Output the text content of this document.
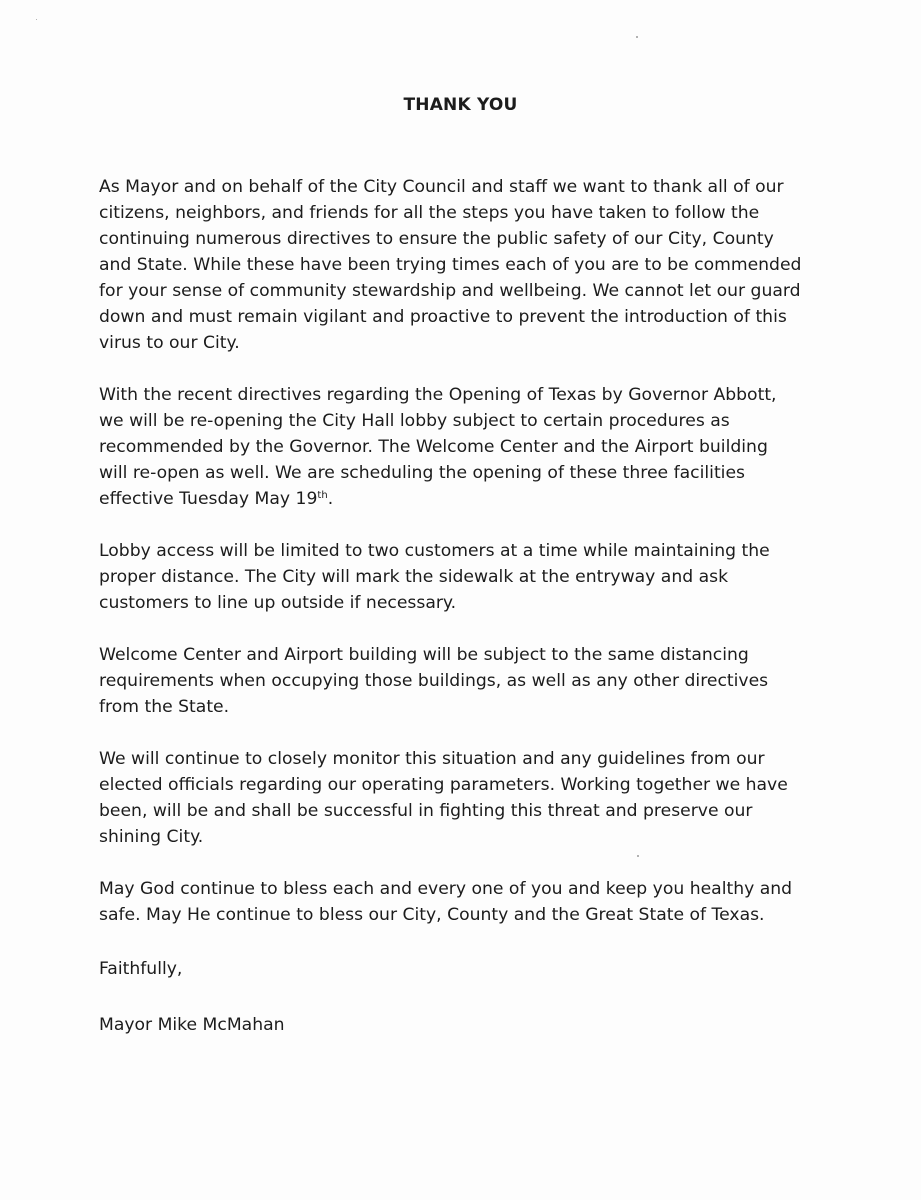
THANK YOU

As Mayor and on behalf of the City Council and staff we want to thank all of our
citizens, neighbors, and friends for all the steps you have taken to follow the
continuing numerous directives to ensure the public safety of our City, County
and State. While these have been trying times each of you are to be commended
for your sense of community stewardship and wellbeing. We cannot let our guard
down and must remain vigilant and proactive to prevent the introduction of this
virus to our City.

With the recent directives regarding the Opening of Texas by Governor Abbott,
we will be re-opening the City Hall lobby subject to certain procedures as
recommended by the Governor. The Welcome Center and the Airport building
will re-open as well. We are scheduling the opening of these three facilities
effective Tuesday May 19th.

Lobby access will be limited to two customers at a time while maintaining the
proper distance. The City will mark the sidewalk at the entryway and ask
customers to line up outside if necessary.

Welcome Center and Airport building will be subject to the same distancing
requirements when occupying those buildings, as well as any other directives
from the State.

We will continue to closely monitor this situation and any guidelines from our
elected officials regarding our operating parameters. Working together we have
been, will be and shall be successful in fighting this threat and preserve our
shining City.

May God continue to bless each and every one of you and keep you healthy and
safe. May He continue to bless our City, County and the Great State of Texas.

Faithfully,
Mayor Mike McMahan
